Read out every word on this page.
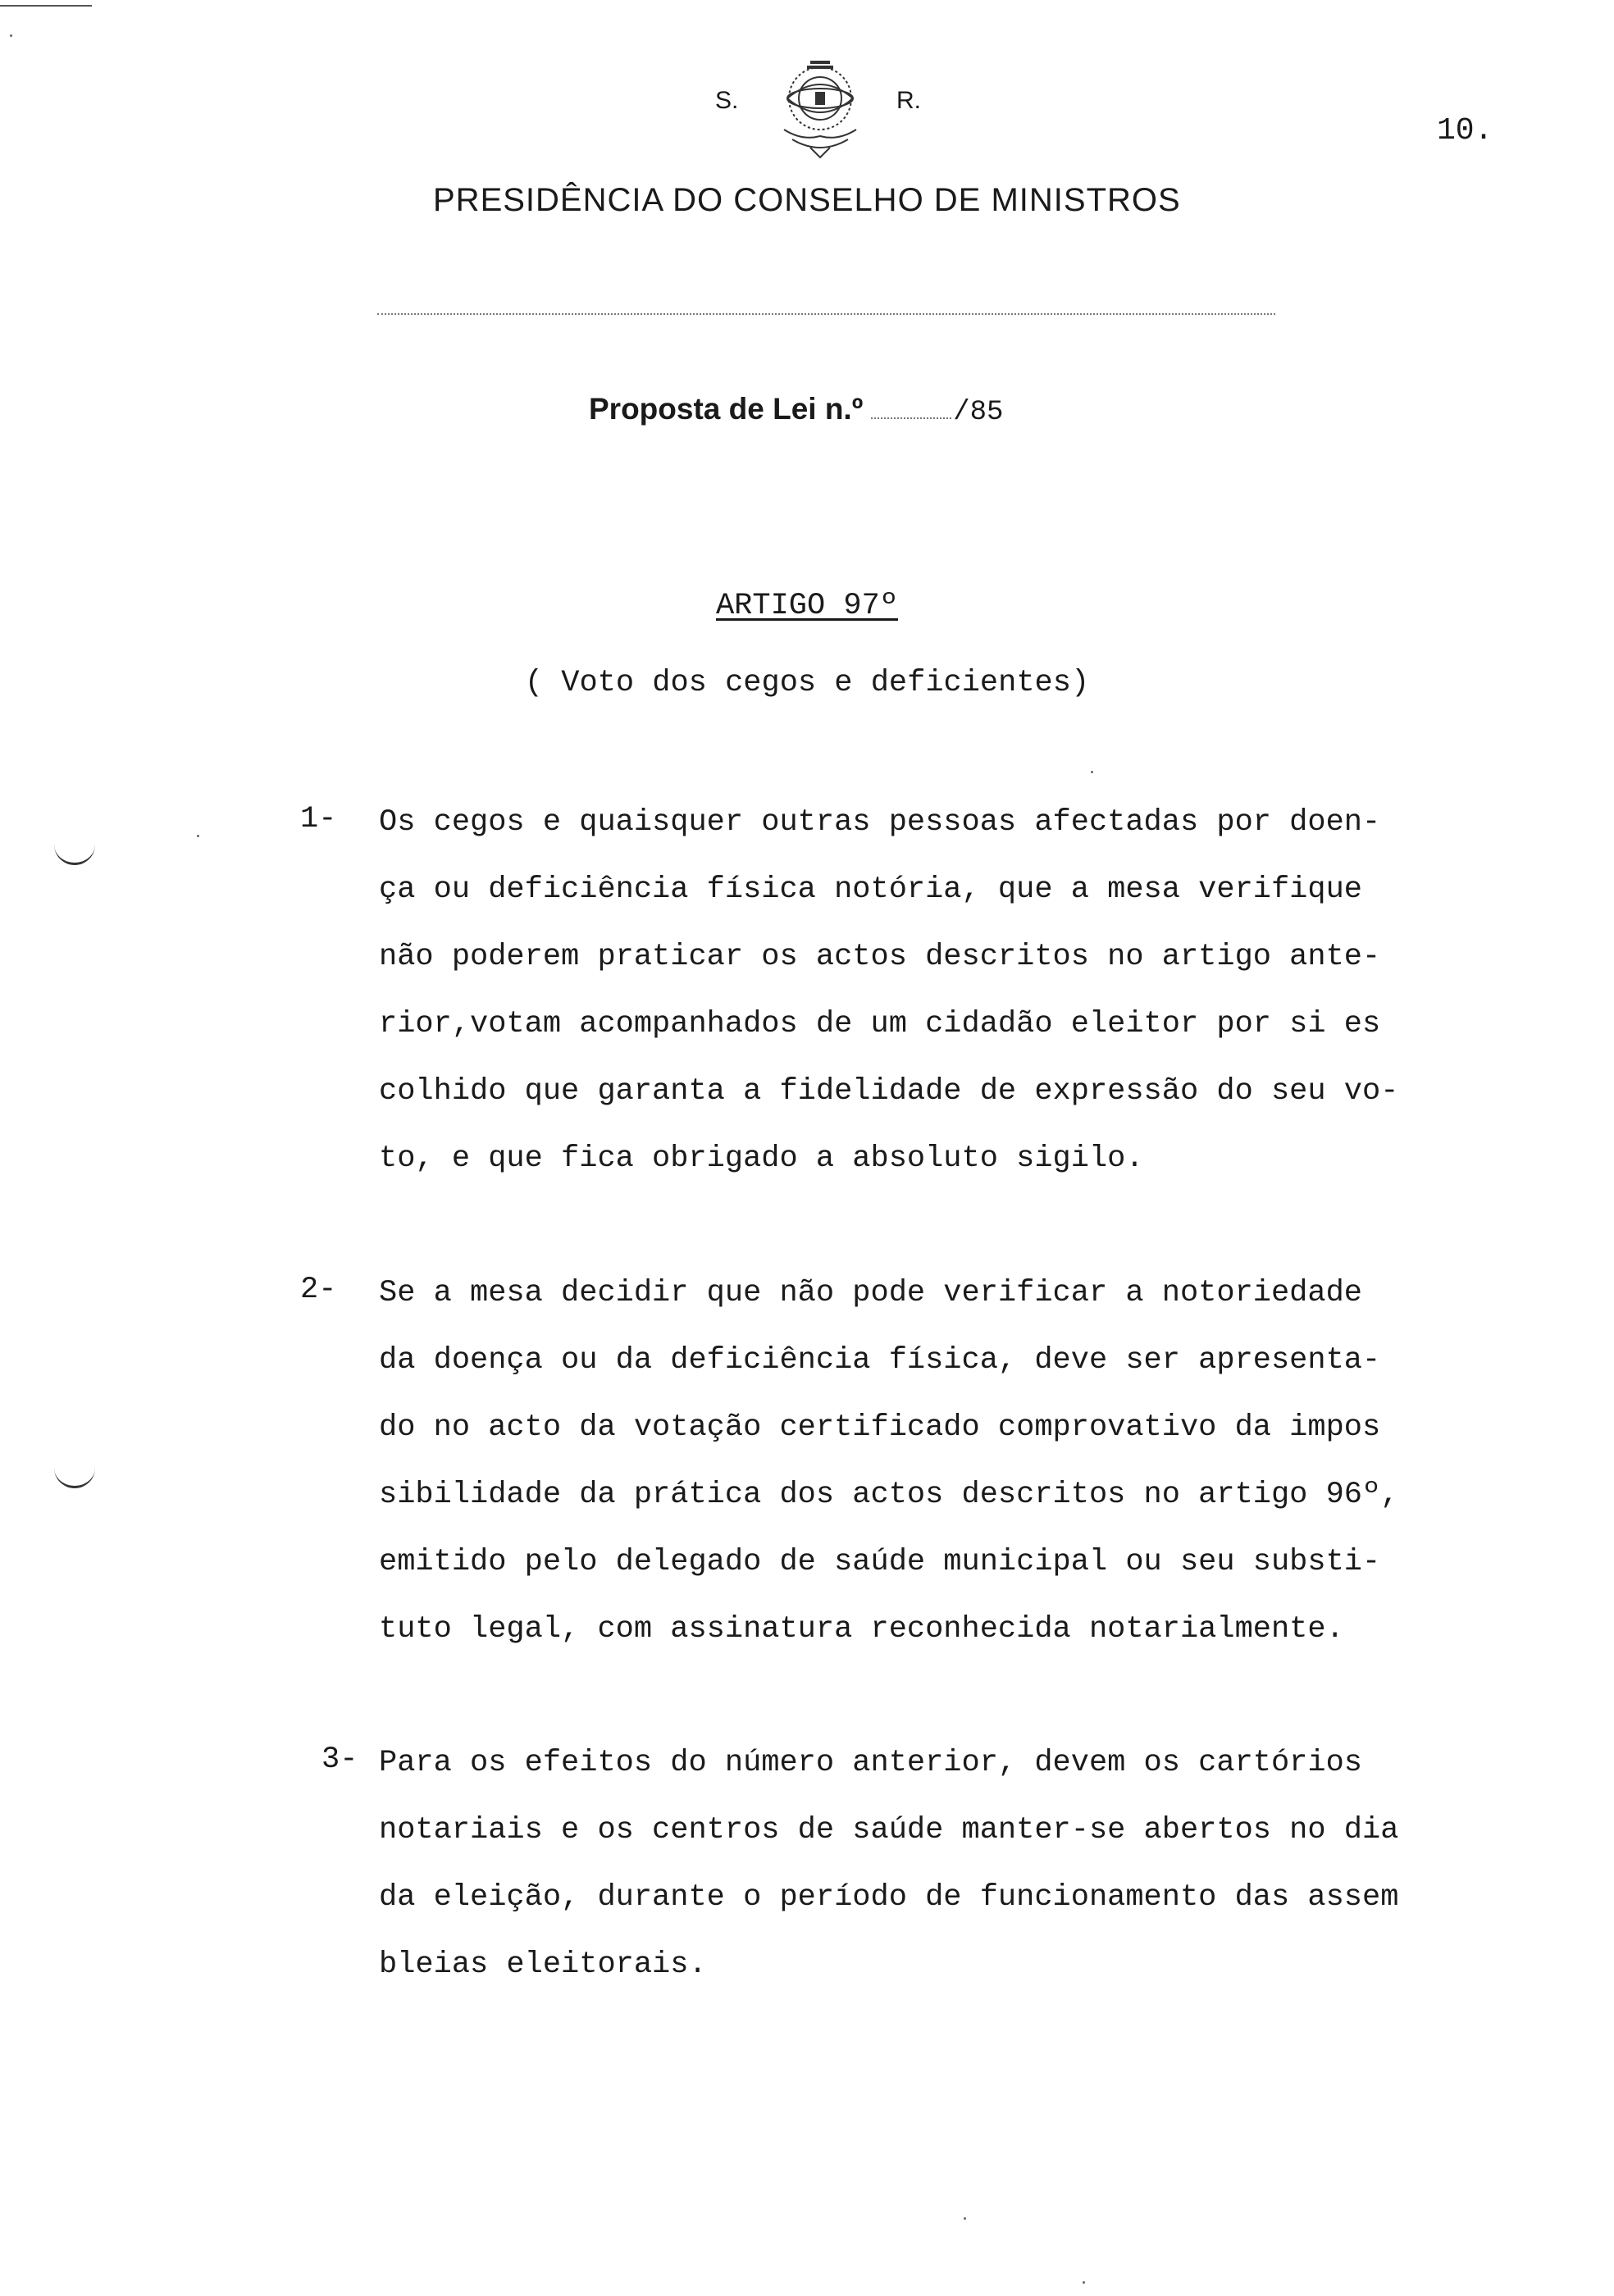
S.	R.
10.
PRESIDÊNCIA DO CONSELHO DE MINISTROS
Proposta de Lei n.º	/85
ARTIGO 97º
( Voto dos cegos e deficientes)
1- Os cegos e quaisquer outras pessoas afectadas por doen-
ça ou deficiência física notória, que a mesa verifique
não poderem praticar os actos descritos no artigo ante-
rior,votam acompanhados de um cidadão eleitor por si es
colhido que garanta a fidelidade de expressão do seu vo-
to, e que fica obrigado a absoluto sigilo.
2- Se a mesa decidir que não pode verificar a notoriedade
da doença ou da deficiência física, deve ser apresenta-
do no acto da votação certificado comprovativo da impos
sibilidade da prática dos actos descritos no artigo 96º,
emitido pelo delegado de saúde municipal ou seu substi-
tuto legal, com assinatura reconhecida notarialmente.
3- Para os efeitos do número anterior, devem os cartórios
notariais e os centros de saúde manter-se abertos no dia
da eleição, durante o período de funcionamento das assem
bleias eleitorais.
